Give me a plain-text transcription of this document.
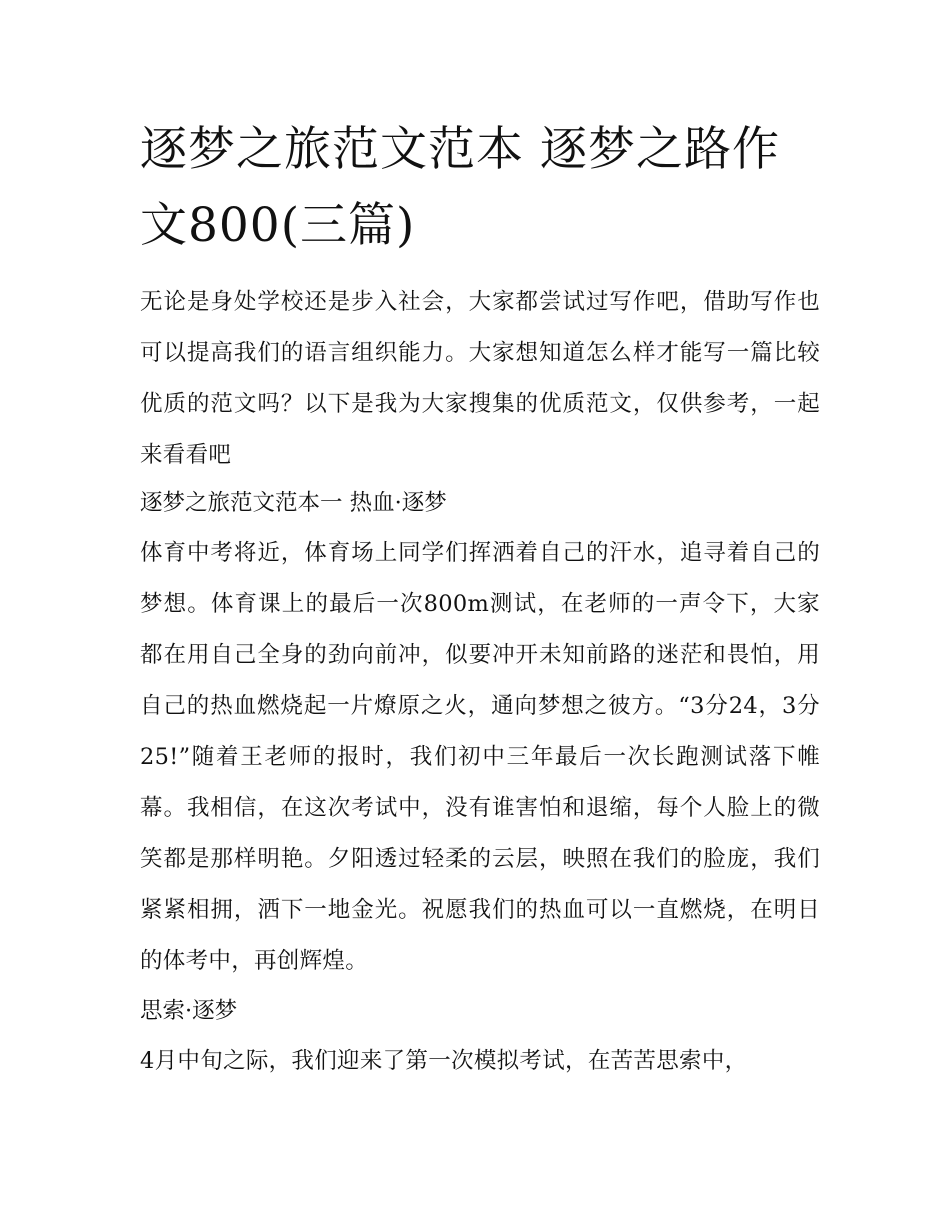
逐梦之旅范文范本 逐梦之路作文800(三篇)

无论是身处学校还是步入社会，大家都尝试过写作吧，借助写作也可以提高我们的语言组织能力。大家想知道怎么样才能写一篇比较优质的范文吗？以下是我为大家搜集的优质范文，仅供参考，一起来看看吧

逐梦之旅范文范本一 热血·逐梦

体育中考将近，体育场上同学们挥洒着自己的汗水，追寻着自己的梦想。体育课上的最后一次800m测试，在老师的一声令下，大家都在用自己全身的劲向前冲，似要冲开未知前路的迷茫和畏怕，用自己的热血燃烧起一片燎原之火，通向梦想之彼方。“3分24，3分25!”随着王老师的报时，我们初中三年最后一次长跑测试落下帷幕。我相信，在这次考试中，没有谁害怕和退缩，每个人脸上的微笑都是那样明艳。夕阳透过轻柔的云层，映照在我们的脸庞，我们紧紧相拥，洒下一地金光。祝愿我们的热血可以一直燃烧，在明日的体考中，再创辉煌。

思索·逐梦

4月中旬之际，我们迎来了第一次模拟考试，在苦苦思索中，
